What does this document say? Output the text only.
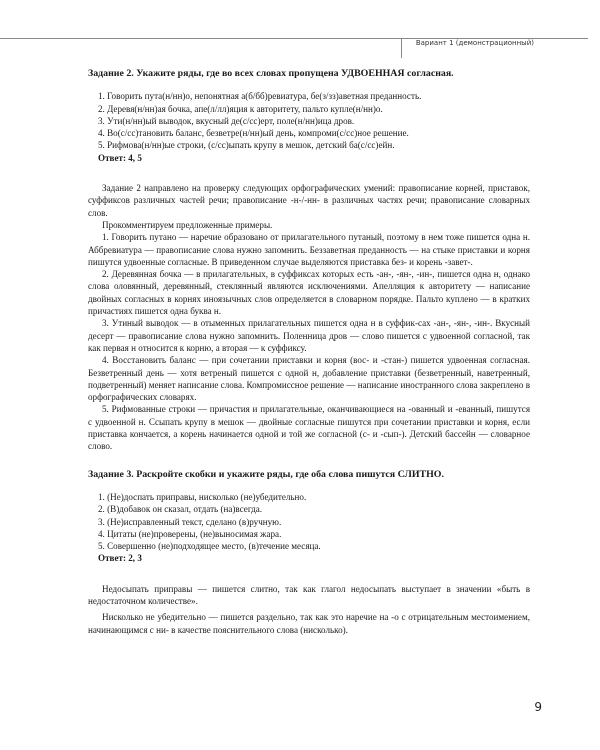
Вариант 1 (демонстрационный)
Задание 2. Укажите ряды, где во всех словах пропущена УДВОЕННАЯ согласная.
1. Говорить пута(н/нн)о, непонятная а(б/бб)ревиатура, бе(з/зз)аветная преданность.
2. Деревя(н/нн)ая бочка, апе(л/лл)яция к авторитету, пальто купле(н/нн)о.
3. Ути(н/нн)ый выводок, вкусный де(с/сс)ерт, поле(н/нн)ица дров.
4. Во(с/сс)тановить баланс, безветре(н/нн)ый день, компроми(с/сс)ное решение.
5. Рифмова(н/нн)ые строки, (с/сс)ыпать крупу в мешок, детский ба(с/сс)ейн.
Ответ: 4, 5

Задание 2 направлено на проверку следующих орфографических умений: правописание корней, приставок, суффиксов различных частей речи; правописание -н-/-нн- в различных частях речи; правописание словарных слов.

Прокомментируем предложенные примеры.

1. Говорить путано — наречие образовано от прилагательного путаный, поэтому в нем тоже пишется одна н. Аббревиатура — правописание слова нужно запомнить. Беззаветная преданность — на стыке приставки и корня пишутся удвоенные согласные. В приведенном случае выделяются приставка без- и корень -завет-.

2. Деревянная бочка — в прилагательных, в суффиксах которых есть -ан-, -ян-, -ин-, пишется одна н, однако слова оловянный, деревянный, стеклянный являются исключениями. Апелляция к авторитету — написание двойных согласных в корнях иноязычных слов определяется в словарном порядке. Пальто куплено — в кратких причастиях пишется одна буква н.

3. Утиный выводок — в отыменных прилагательных пишется одна н в суффик-сах -ан-, -ян-, -ин-. Вкусный десерт — правописание слова нужно запомнить. Поленница дров — слово пишется с удвоенной согласной, так как первая н относится к корню, а вторая — к суффиксу.

4. Восстановить баланс — при сочетании приставки и корня (вос- и -стан-) пишется удвоенная согласная. Безветренный день — хотя ветреный пишется с одной н, добавление приставки (безветренный, наветренный, подветренный) меняет написание слова. Компромиссное решение — написание иностранного слова закреплено в орфографических словарях.

5. Рифмованные строки — причастия и прилагательные, оканчивающиеся на -ованный и -еванный, пишутся с удвоенной н. Ссыпать крупу в мешок — двойные согласные пишутся при сочетании приставки и корня, если приставка кончается, а корень начинается одной и той же согласной (с- и -сып-). Детский бассейн — словарное слово.

Задание 3. Раскройте скобки и укажите ряды, где оба слова пишутся СЛИТНО.
1. (Не)доспать приправы, нисколько (не)убедительно.
2. (В)добавок он сказал, отдать (на)всегда.
3. (Не)исправленный текст, сделано (в)ручную.
4. Цитаты (не)проверены, (не)выносимая жара.
5. Совершенно (не)подходящее место, (в)течение месяца.
Ответ: 2, 3

Недосыпать приправы — пишется слитно, так как глагол недосыпать выступает в значении «быть в недостаточном количестве».

Нисколько не убедительно — пишется раздельно, так как это наречие на -о с отрицательным местоимением, начинающимся с ни- в качестве пояснительного слова (нисколько).

9
